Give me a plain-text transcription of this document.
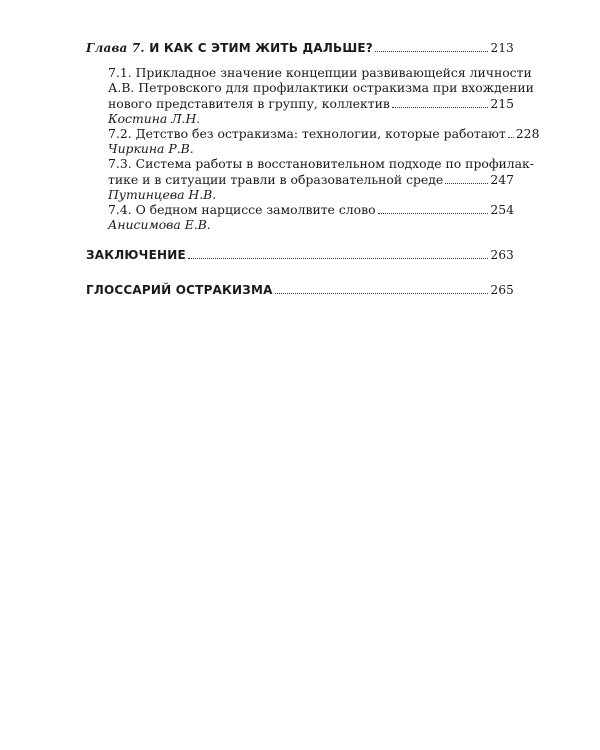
Глава 7. И КАК С ЭТИМ ЖИТЬ ДАЛЬШЕ?	213
7.1. Прикладное значение концепции развивающейся личности
А.В. Петровского для профилактики остракизма при вхождении
нового представителя в группу, коллектив	215
Костина Л.Н.
7.2. Детство без остракизма: технологии, которые работают 228
Чиркина Р.В.
7.3. Система работы в восстановительном подходе по профилак-
тике и в ситуации травли в образовательной среде	247
Путинцева Н.В.
7.4. О бедном нарциссе замолвите слово	254
Анисимова Е.В.
ЗАКЛЮЧЕНИЕ	263
ГЛОССАРИЙ ОСТРАКИЗМА	265
